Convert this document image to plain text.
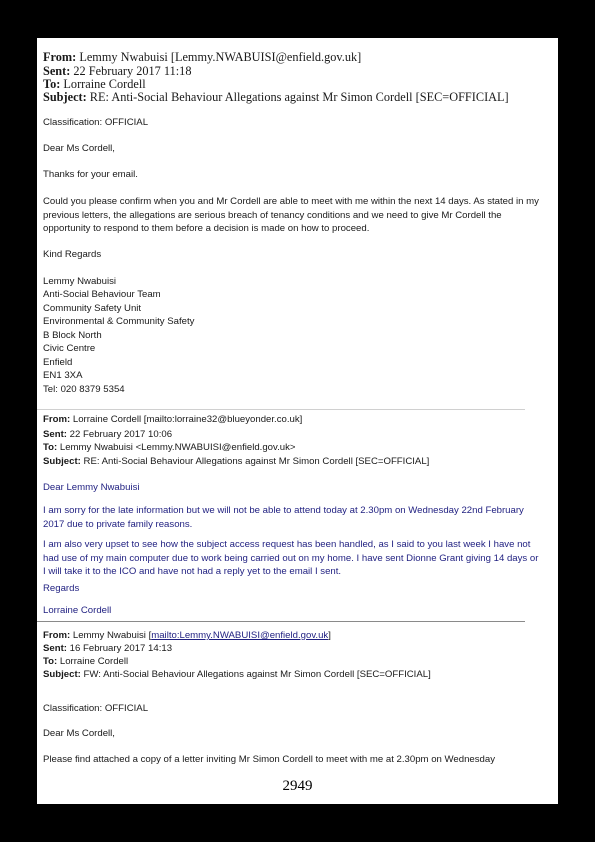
From: Lemmy Nwabuisi [Lemmy.NWABUISI@enfield.gov.uk]
Sent: 22 February 2017 11:18
To: Lorraine Cordell
Subject: RE: Anti-Social Behaviour Allegations against Mr Simon Cordell [SEC=OFFICIAL]
Classification: OFFICIAL
Dear Ms Cordell,
Thanks for your email.
Could you please confirm when you and Mr Cordell are able to meet with me within the next 14 days. As stated in my previous letters, the allegations are serious breach of tenancy conditions and we need to give Mr Cordell the opportunity to respond to them before a decision is made on how to proceed.
Kind Regards
Lemmy Nwabuisi
Anti-Social Behaviour Team
Community Safety Unit
Environmental & Community Safety
B Block North
Civic Centre
Enfield
EN1 3XA
Tel: 020 8379 5354
From: Lorraine Cordell [mailto:lorraine32@blueyonder.co.uk]
Sent: 22 February 2017 10:06
To: Lemmy Nwabuisi <Lemmy.NWABUISI@enfield.gov.uk>
Subject: RE: Anti-Social Behaviour Allegations against Mr Simon Cordell [SEC=OFFICIAL]
Dear Lemmy Nwabuisi
I am sorry for the late information but we will not be able to attend today at 2.30pm on Wednesday 22nd February 2017 due to private family reasons.
I am also very upset to see how the subject access request has been handled, as I said to you last week I have not had use of my main computer due to work being carried out on my home. I have sent Dionne Grant giving 14 days or I will take it to the ICO and have not had a reply yet to the email I sent.
Regards
Lorraine Cordell
From: Lemmy Nwabuisi [mailto:Lemmy.NWABUISI@enfield.gov.uk]
Sent: 16 February 2017 14:13
To: Lorraine Cordell
Subject: FW: Anti-Social Behaviour Allegations against Mr Simon Cordell [SEC=OFFICIAL]
Classification: OFFICIAL
Dear Ms Cordell,
Please find attached a copy of a letter inviting Mr Simon Cordell to meet with me at 2.30pm on Wednesday
2949
